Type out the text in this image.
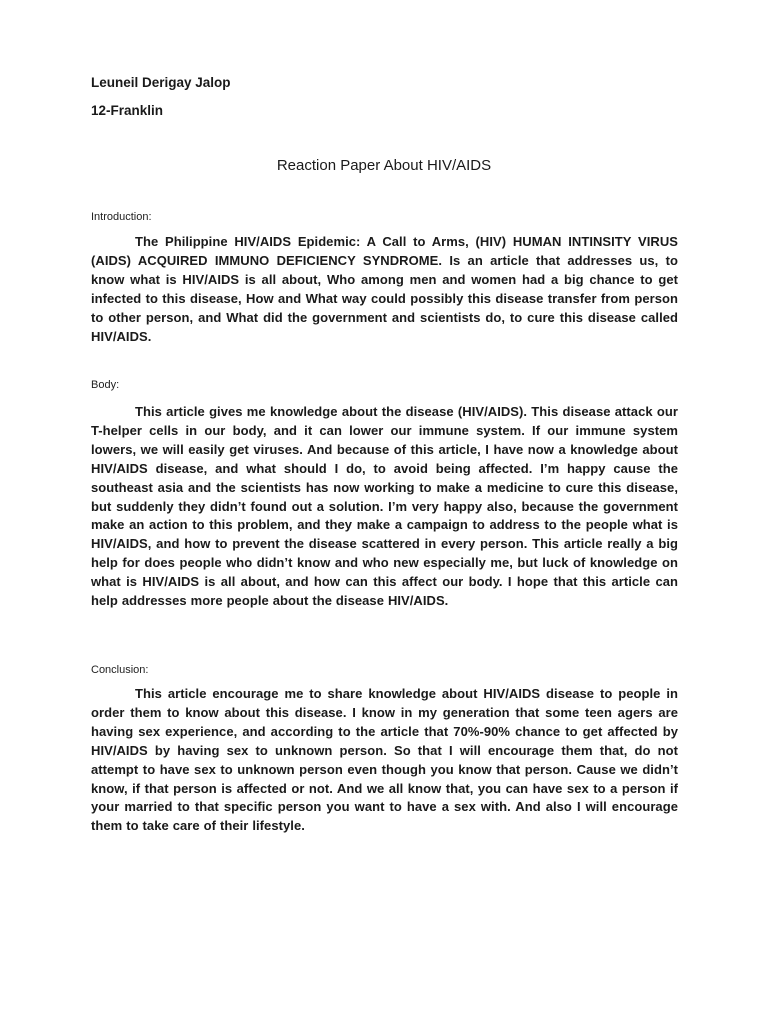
Leuneil Derigay Jalop
12-Franklin
Reaction Paper About HIV/AIDS
Introduction:
The Philippine HIV/AIDS Epidemic: A Call to Arms, (HIV) HUMAN INTINSITY VIRUS (AIDS) ACQUIRED IMMUNO DEFICIENCY SYNDROME. Is an article that addresses us, to know what is HIV/AIDS is all about, Who among men and women had a big chance to get infected to this disease, How and What way could possibly this disease transfer from person to other person, and What did the government and scientists do, to cure this disease called HIV/AIDS.
Body:
This article gives me knowledge about the disease (HIV/AIDS). This disease attack our T-helper cells in our body, and it can lower our immune system. If our immune system lowers, we will easily get viruses. And because of this article, I have now a knowledge about HIV/AIDS disease, and what should I do, to avoid being affected. I’m happy cause the southeast asia and the scientists has now working to make a medicine to cure this disease, but suddenly they didn’t found out a solution. I’m very happy also, because the government make an action to this problem, and they make a campaign to address to the people what is HIV/AIDS, and how to prevent the disease scattered in every person. This article really a big help for does people who didn’t know and who new especially me, but luck of knowledge on what is HIV/AIDS is all about, and how can this affect our body. I hope that this article can help addresses more people about the disease HIV/AIDS.
Conclusion:
This article encourage me to share knowledge about HIV/AIDS disease to people in order them to know about this disease. I know in my generation that some teen agers are having sex experience, and according to the article that 70%-90% chance to get affected by HIV/AIDS by having sex to unknown person. So that I will encourage them that, do not attempt to have sex to unknown person even though you know that person. Cause we didn’t know, if that person is affected or not. And we all know that, you can have sex to a person if your married to that specific person you want to have a sex with. And also I will encourage them to take care of their lifestyle.
